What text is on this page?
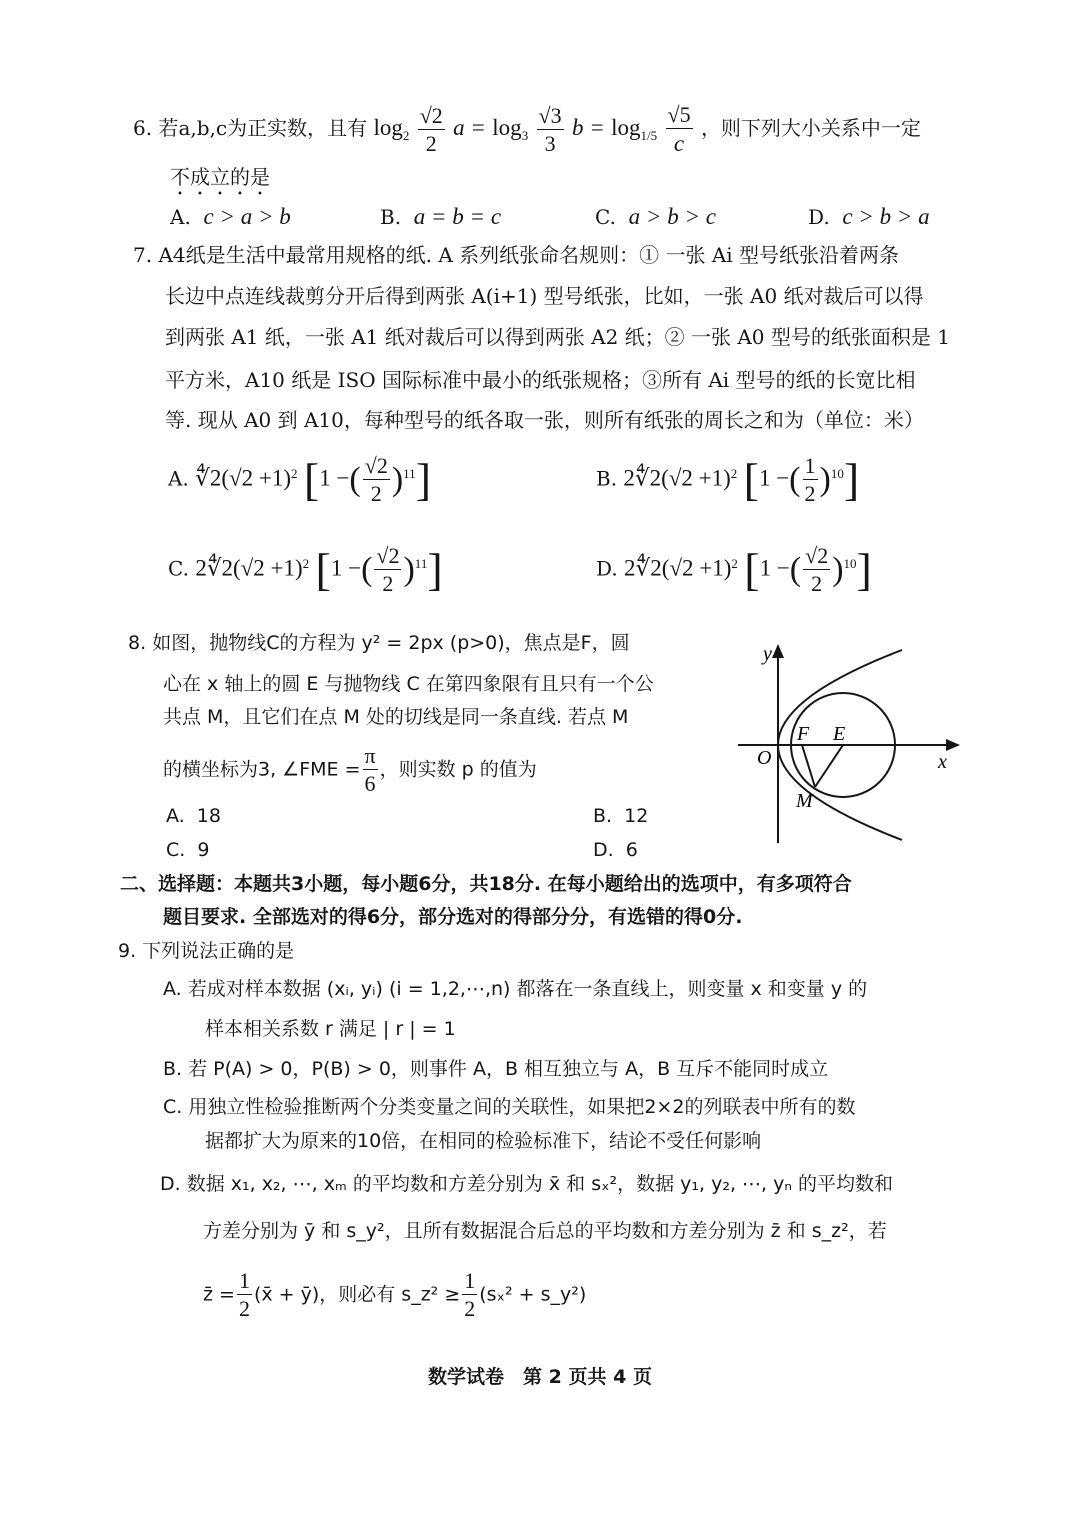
6. 若a,b,c为正实数，且有 $\log_2 \frac{√2}{2}$ $a = \log_3 \frac{√3}{3}$ $b = \log_{1/5} \frac{√5}{c}$ ，则下列大小关系中一定
不成立的是
A. c > a > b	B. a = b = c	C. a > b > c	D. c > b > a
7. A4纸是生活中最常用规格的纸. A 系列纸张命名规则：① 一张 Ai 型号纸张沿着两条
长边中点连线裁剪分开后得到两张 A(i+1) 型号纸张，比如，一张 A0 纸对裁后可以得
到两张 A1 纸，一张 A1 纸对裁后可以得到两张 A2 纸；② 一张 A0 型号的纸张面积是 1
平方米，A10 纸是 ISO 国际标准中最小的纸张规格；③所有 Ai 型号的纸的长宽比相
等. 现从 A0 到 A10，每种型号的纸各取一张，则所有纸张的周长之和为（单位：米）
A. ∜2(√2 +1)$^2$ [1 −( $\frac{√2}{2} )^{11}$]	B. 2∜2(√2 +1)$^2$ [1 −( $\frac{1}{2} )^{10}$]
C. 2∜2(√2 +1)$^2$ [1 −( $\frac{√2}{2} )^{11}$]	D. 2∜2(√2 +1)$^2$ [1 −( $\frac{√2}{2} )^{10}$]
8. 如图，抛物线C的方程为 y² = 2px (p>0)，焦点是F，圆
心在 x 轴上的圆 E 与抛物线 C 在第四象限有且只有一个公
共点 M，且它们在点 M 处的切线是同一条直线. 若点 M
的横坐标为3, ∠FME = $\frac{\pi}{6}$ ，则实数 p 的值为
A. 18	B. 12
C. 9	D. 6
y
x
O
F E
M
二、选择题：本题共3小题，每小题6分，共18分. 在每小题给出的选项中，有多项符合
题目要求. 全部选对的得6分，部分选对的得部分分，有选错的得0分.
9. 下列说法正确的是
A. 若成对样本数据 (xᵢ, yᵢ) (i = 1,2,⋯,n) 都落在一条直线上，则变量 x 和变量 y 的
样本相关系数 r 满足 | r | = 1
B. 若 P(A) > 0，P(B) > 0，则事件 A，B 相互独立与 A，B 互斥不能同时成立
C. 用独立性检验推断两个分类变量之间的关联性，如果把2×2的列联表中所有的数
据都扩大为原来的10倍，在相同的检验标准下，结论不受任何影响
D. 数据 x₁, x₂, ⋯, xₘ 的平均数和方差分别为 x̄ 和 sₓ²，数据 y₁, y₂, ⋯, yₙ 的平均数和
方差分别为 ȳ 和 s_y²，且所有数据混合后总的平均数和方差分别为 z̄ 和 s_z²，若
z̄ = $\frac{1}{2}$ (x̄ + ȳ)，则必有 s_z² ≥ $\frac{1}{2} (s_x^2$ + s_y²)
数学试卷　第 2 页共 4 页
